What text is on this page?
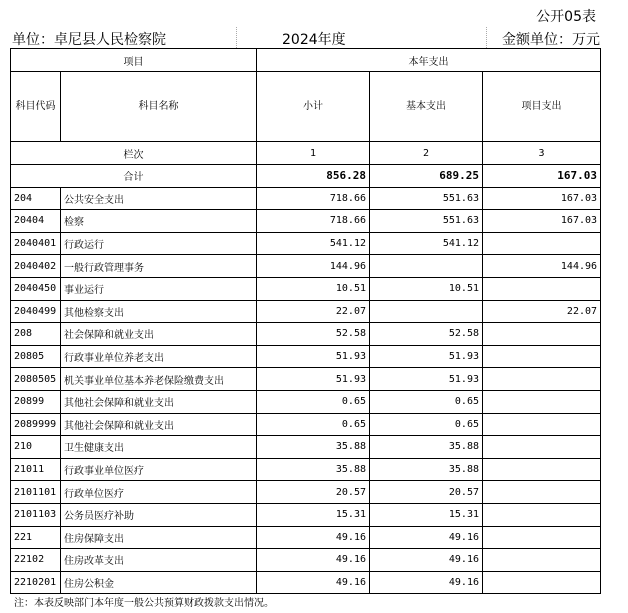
公开05表
单位：卓尼县人民检察院	2024年度	金额单位：万元
项目		本年支出		
科目代码	科目名称	小计	基本支出	项目支出
栏次		1	2	3
合计		856.28	689.25	167.03
204	公共安全支出	718.66	551.63	167.03
20404	检察	718.66	551.63	167.03
2040401	行政运行	541.12	541.12	
2040402	一般行政管理事务	144.96		144.96
2040450	事业运行	10.51	10.51	
2040499	其他检察支出	22.07		22.07
208	社会保障和就业支出	52.58	52.58	
20805	行政事业单位养老支出	51.93	51.93	
2080505	机关事业单位基本养老保险缴费支出	51.93	51.93	
20899	其他社会保障和就业支出	0.65	0.65	
2089999	其他社会保障和就业支出	0.65	0.65	
210	卫生健康支出	35.88	35.88	
21011	行政事业单位医疗	35.88	35.88	
2101101	行政单位医疗	20.57	20.57	
2101103	公务员医疗补助	15.31	15.31	
221	住房保障支出	49.16	49.16	
22102	住房改革支出	49.16	49.16	
2210201	住房公积金	49.16	49.16	
注：本表反映部门本年度一般公共预算财政拨款支出情况。
